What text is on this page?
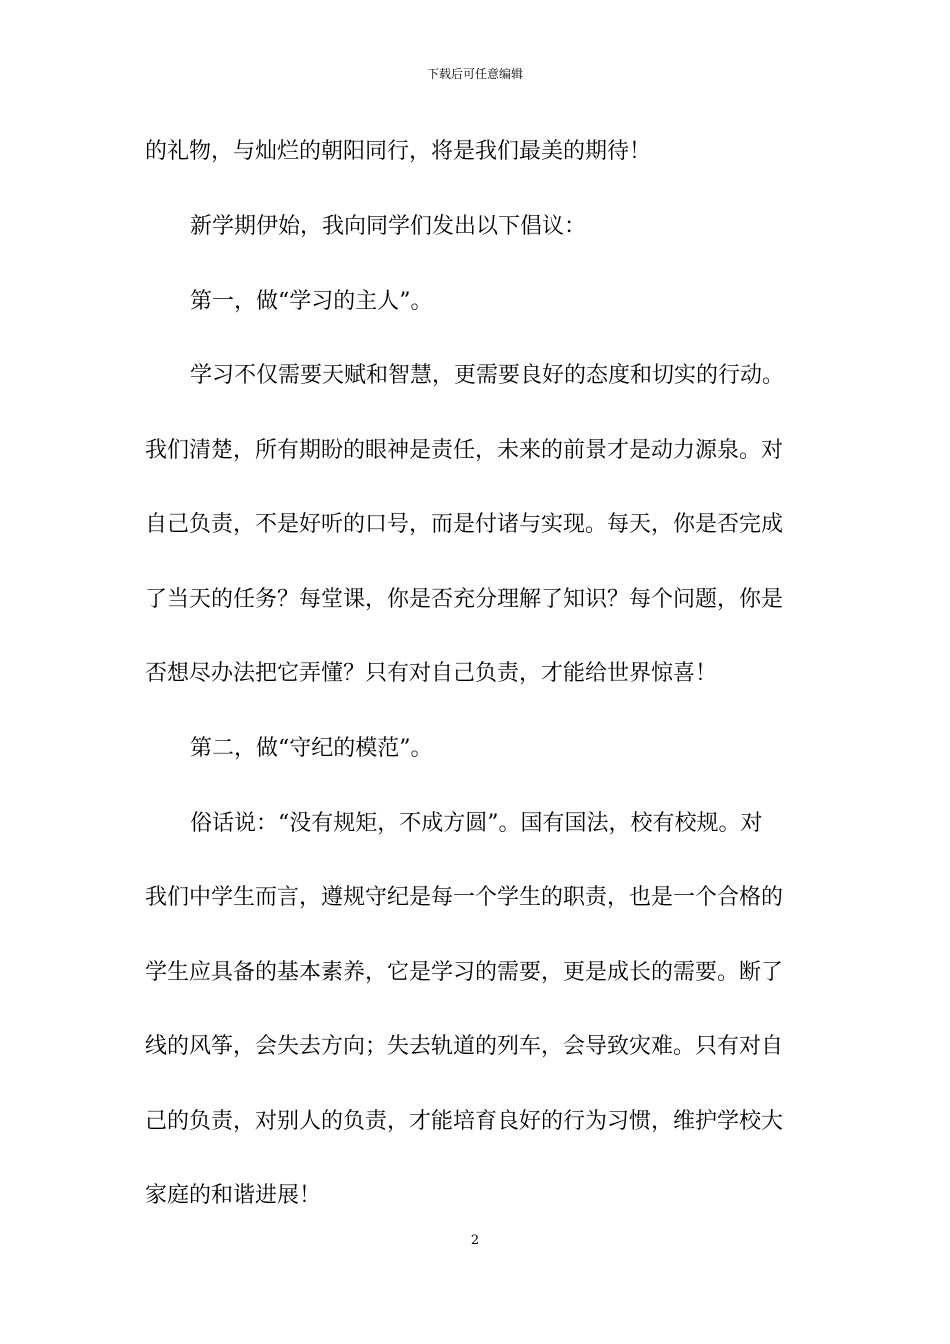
下载后可任意编辑
的礼物，与灿烂的朝阳同行，将是我们最美的期待！
新学期伊始，我向同学们发出以下倡议：
第一，做“学习的主人”。
学习不仅需要天赋和智慧，更需要良好的态度和切实的行动。
我们清楚，所有期盼的眼神是责任，未来的前景才是动力源泉。对
自己负责，不是好听的口号，而是付诸与实现。每天，你是否完成
了当天的任务？每堂课，你是否充分理解了知识？每个问题，你是
否想尽办法把它弄懂？只有对自己负责，才能给世界惊喜！
第二，做“守纪的模范”。
俗话说：“没有规矩，不成方圆”。国有国法，校有校规。对
我们中学生而言，遵规守纪是每一个学生的职责，也是一个合格的
学生应具备的基本素养，它是学习的需要，更是成长的需要。断了
线的风筝，会失去方向；失去轨道的列车，会导致灾难。只有对自
己的负责，对别人的负责，才能培育良好的行为习惯，维护学校大
家庭的和谐进展！
2
